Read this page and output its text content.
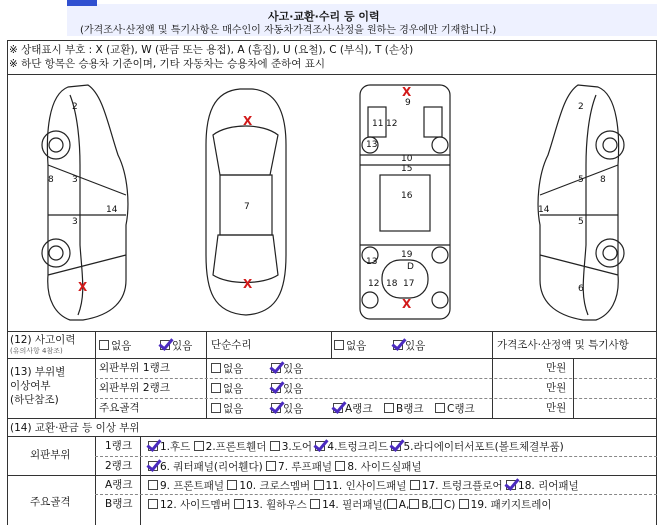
사고·교환·수리 등 이력
(가격조사·산정액 및 특기사항은 매수인이 자동차가격조사·산정을 원하는 경우에만 기재합니다.)
※ 상태표시 부호 : X (교환), W (판금 또는 용접), A (흠집), U (요철), C (부식), T (손상)
※ 하단 항목은 승용차 기준이며, 기타 자동차는 승용차에 준하여 표시
2
8 3
3
14
X
7
X
X
9
11 12
13
10
15
16
19
13
12 18 17
D
X
X
2
8
5
14
5
6
(12) 사고이력
(유의사항 4참조)	없음	있음 단순수리	없음	있음	가격조사·산정액 및 특기사항
(13) 부위별
이상여부
(하단참조)
외판부위 1랭크	없음	있음	만원
외판부위 2랭크	없음	있음	만원
주요골격	없음	있음	A랭크	B랭크	C랭크	만원
(14) 교환·판금 등 이상 부위
외판부위
주요골격
1랭크	1.후드 2.프론트휀더 3.도어 4.트렁크리드 5.라디에이터서포트(볼트체결부품)
2랭크	6. 쿼터패널(리어휀다) 7. 루프패널 8. 사이드실패널
A랭크	9. 프론트패널 10. 크로스멤버 11. 인사이드패널 17. 트렁크플로어 18. 리어패널
B랭크	12. 사이드멤버 13. 휠하우스 14. 필러패널( A, B, C) 19. 패키지트레이
